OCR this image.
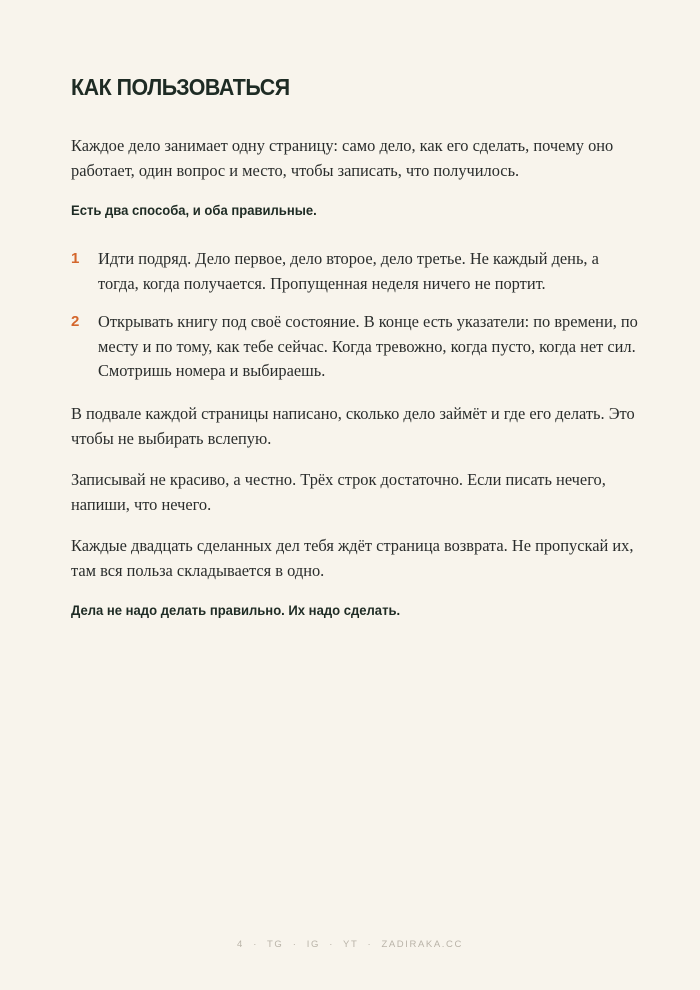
КАК ПОЛЬЗОВАТЬСЯ

Каждое дело занимает одну страницу: само дело, как его сделать, почему оно работает, один вопрос и место, чтобы записать, что получилось.

Есть два способа, и оба правильные.

1 Идти подряд. Дело первое, дело второе, дело третье. Не каждый день, а тогда, когда получается. Пропущенная неделя ничего не портит.

2 Открывать книгу под своё состояние. В конце есть указатели: по времени, по месту и по тому, как тебе сейчас. Когда тревожно, когда пусто, когда нет сил. Смотришь номера и выбираешь.

В подвале каждой страницы написано, сколько дело займёт и где его делать. Это чтобы не выбирать вслепую.

Записывай не красиво, а честно. Трёх строк достаточно. Если писать нечего, напиши, что нечего.

Каждые двадцать сделанных дел тебя ждёт страница возврата. Не пропускай их, там вся польза складывается в одно.

Дела не надо делать правильно. Их надо сделать.

4 · TG · IG · YT · ZADIRAKA.CC
